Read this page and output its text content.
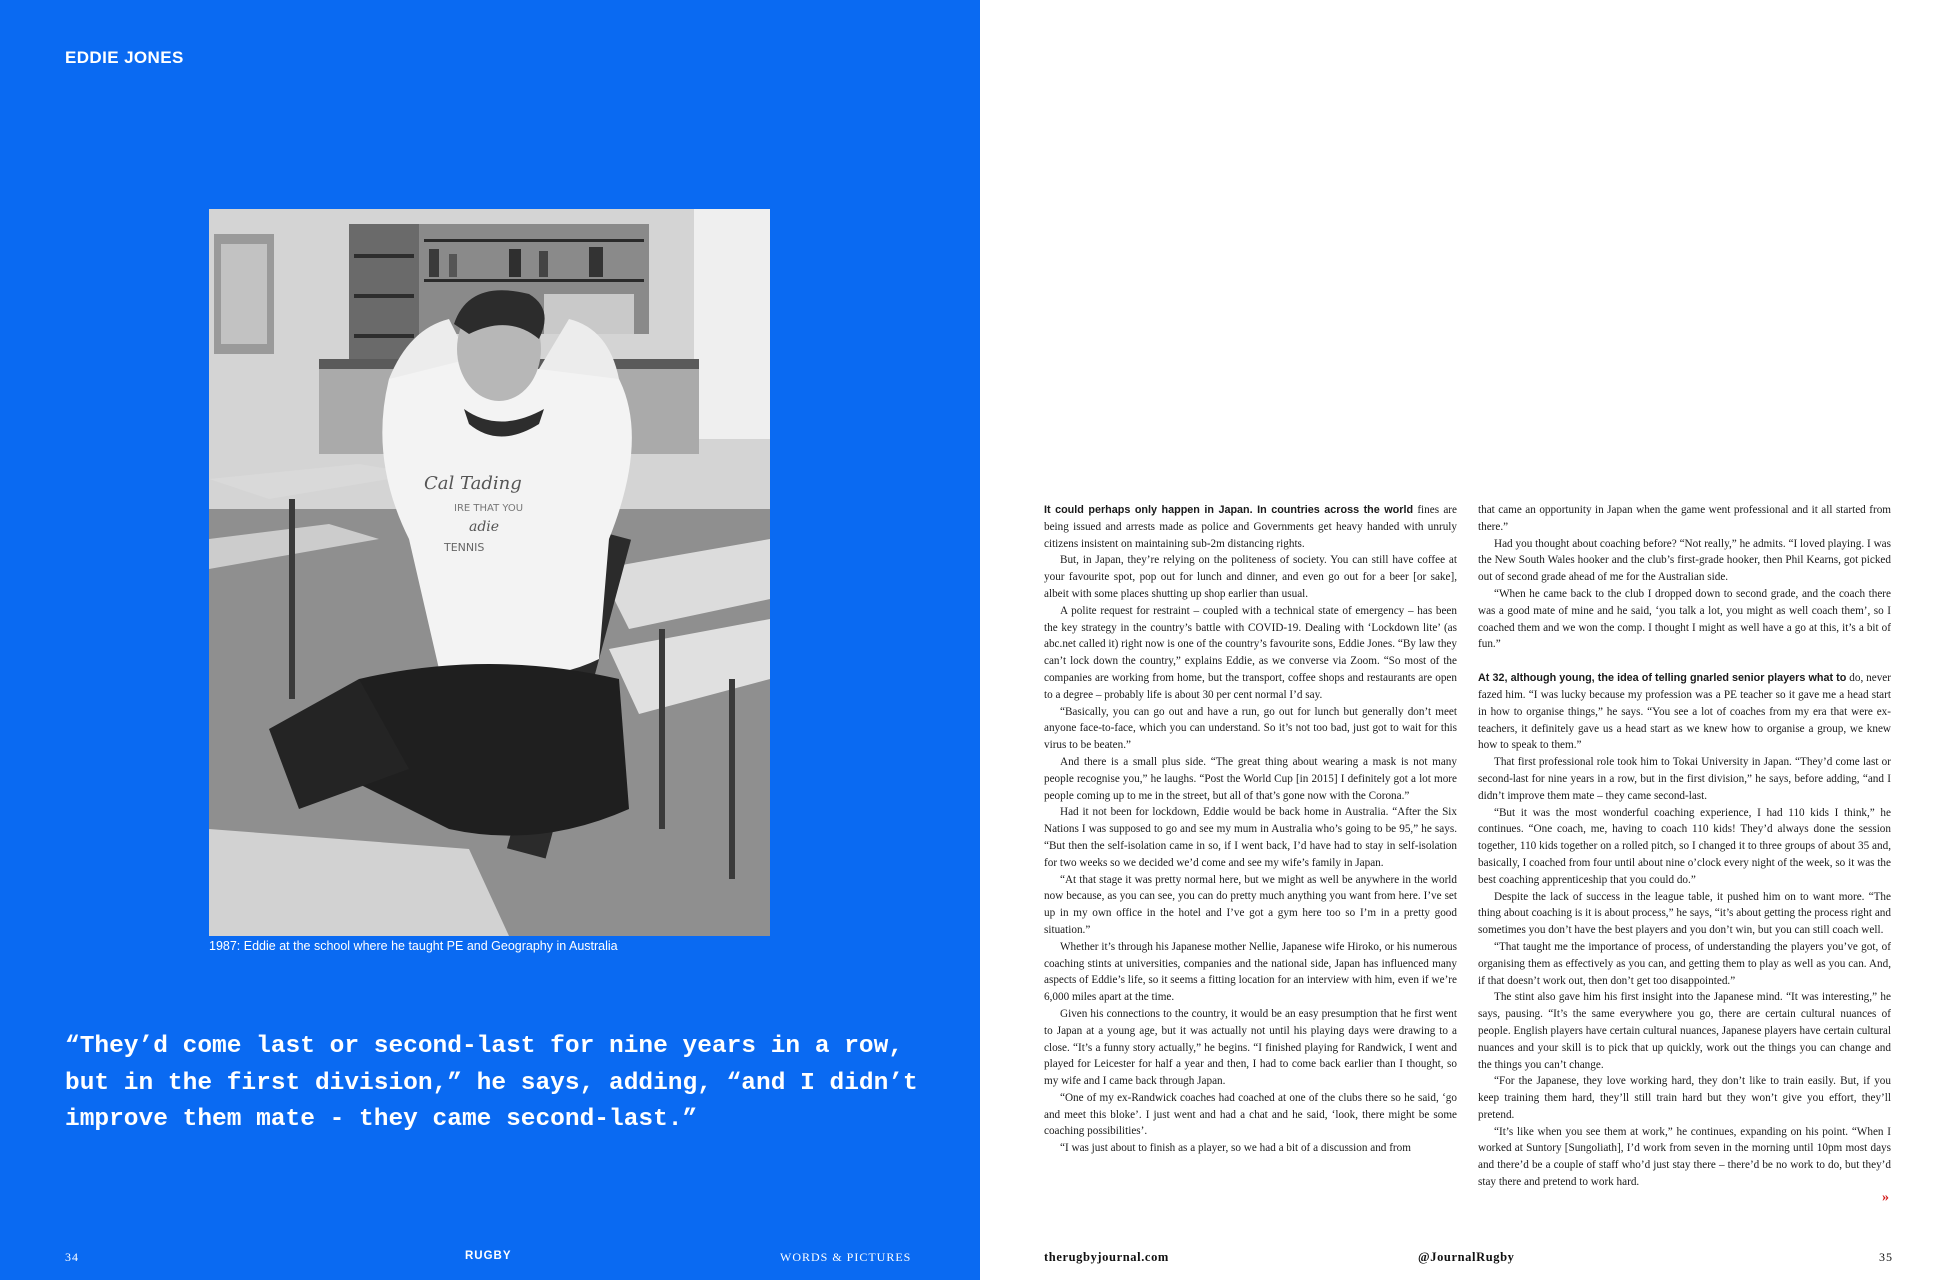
EDDIE JONES
Cal Tading
IRE THAT YOU
adie
TENNIS

1987: Eddie at the school where he taught PE and Geography in Australia

“They’d come last or second-last for nine years in a row, but in the first division,” he says, adding, “and I didn’t improve them mate - they came second-last.”

34	RUGBY	WORDS & PICTURES

It could perhaps only happen in Japan. In countries across the world fines are being issued and arrests made as police and Governments get heavy handed with unruly citizens insistent on maintaining sub-2m distancing rights.

But, in Japan, they’re relying on the politeness of society. You can still have coffee at your favourite spot, pop out for lunch and dinner, and even go out for a beer [or sake], albeit with some places shutting up shop earlier than usual.

A polite request for restraint – coupled with a technical state of emergency – has been the key strategy in the country’s battle with COVID-19. Dealing with ‘Lockdown lite’ (as abc.net called it) right now is one of the country’s favourite sons, Eddie Jones. “By law they can’t lock down the country,” explains Eddie, as we converse via Zoom. “So most of the companies are working from home, but the transport, coffee shops and restaurants are open to a degree – probably life is about 30 per cent normal I’d say.

“Basically, you can go out and have a run, go out for lunch but generally don’t meet anyone face-to-face, which you can understand. So it’s not too bad, just got to wait for this virus to be beaten.”

And there is a small plus side. “The great thing about wearing a mask is not many people recognise you,” he laughs. “Post the World Cup [in 2015] I definitely got a lot more people coming up to me in the street, but all of that’s gone now with the Corona.”

Had it not been for lockdown, Eddie would be back home in Australia. “After the Six Nations I was supposed to go and see my mum in Australia who’s going to be 95,” he says. “But then the self-isolation came in so, if I went back, I’d have had to stay in self-isolation for two weeks so we decided we’d come and see my wife’s family in Japan.

“At that stage it was pretty normal here, but we might as well be anywhere in the world now because, as you can see, you can do pretty much anything you want from here. I’ve set up in my own office in the hotel and I’ve got a gym here too so I’m in a pretty good situation.”

Whether it’s through his Japanese mother Nellie, Japanese wife Hiroko, or his numerous coaching stints at universities, companies and the national side, Japan has influenced many aspects of Eddie’s life, so it seems a fitting location for an interview with him, even if we’re 6,000 miles apart at the time.

Given his connections to the country, it would be an easy presumption that he first went to Japan at a young age, but it was actually not until his playing days were drawing to a close. “It’s a funny story actually,” he begins. “I finished playing for Randwick, I went and played for Leicester for half a year and then, I had to come back earlier than I thought, so my wife and I came back through Japan.

“One of my ex-Randwick coaches had coached at one of the clubs there so he said, ‘go and meet this bloke’. I just went and had a chat and he said, ‘look, there might be some coaching possibilities’.

“I was just about to finish as a player, so we had a bit of a discussion and from

that came an opportunity in Japan when the game went professional and it all started from there.”

Had you thought about coaching before? “Not really,” he admits. “I loved playing. I was the New South Wales hooker and the club’s first-grade hooker, then Phil Kearns, got picked out of second grade ahead of me for the Australian side.

“When he came back to the club I dropped down to second grade, and the coach there was a good mate of mine and he said, ‘you talk a lot, you might as well coach them’, so I coached them and we won the comp. I thought I might as well have a go at this, it’s a bit of fun.”

At 32, although young, the idea of telling gnarled senior players what to do, never fazed him. “I was lucky because my profession was a PE teacher so it gave me a head start in how to organise things,” he says. “You see a lot of coaches from my era that were ex-teachers, it definitely gave us a head start as we knew how to organise a group, we knew how to speak to them.”

That first professional role took him to Tokai University in Japan. “They’d come last or second-last for nine years in a row, but in the first division,” he says, before adding, “and I didn’t improve them mate – they came second-last.

“But it was the most wonderful coaching experience, I had 110 kids I think,” he continues. “One coach, me, having to coach 110 kids! They’d always done the session together, 110 kids together on a rolled pitch, so I changed it to three groups of about 35 and, basically, I coached from four until about nine o’clock every night of the week, so it was the best coaching apprenticeship that you could do.”

Despite the lack of success in the league table, it pushed him on to want more. “The thing about coaching is it is about process,” he says, “it’s about getting the process right and sometimes you don’t have the best players and you don’t win, but you can still coach well.

“That taught me the importance of process, of understanding the players you’ve got, of organising them as effectively as you can, and getting them to play as well as you can. And, if that doesn’t work out, then don’t get too disappointed.”

The stint also gave him his first insight into the Japanese mind. “It was interesting,” he says, pausing. “It’s the same everywhere you go, there are certain cultural nuances of people. English players have certain cultural nuances, Japanese players have certain cultural nuances and your skill is to pick that up quickly, work out the things you can change and the things you can’t change.

“For the Japanese, they love working hard, they don’t like to train easily. But, if you keep training them hard, they’ll still train hard but they won’t give you effort, they’ll pretend.

“It’s like when you see them at work,” he continues, expanding on his point. “When I worked at Suntory [Sungoliath], I’d work from seven in the morning until 10pm most days and there’d be a couple of staff who’d just stay there – there’d be no work to do, but they’d stay there and pretend to work hard.

»

therugbyjournal.com	@JournalRugby	35
